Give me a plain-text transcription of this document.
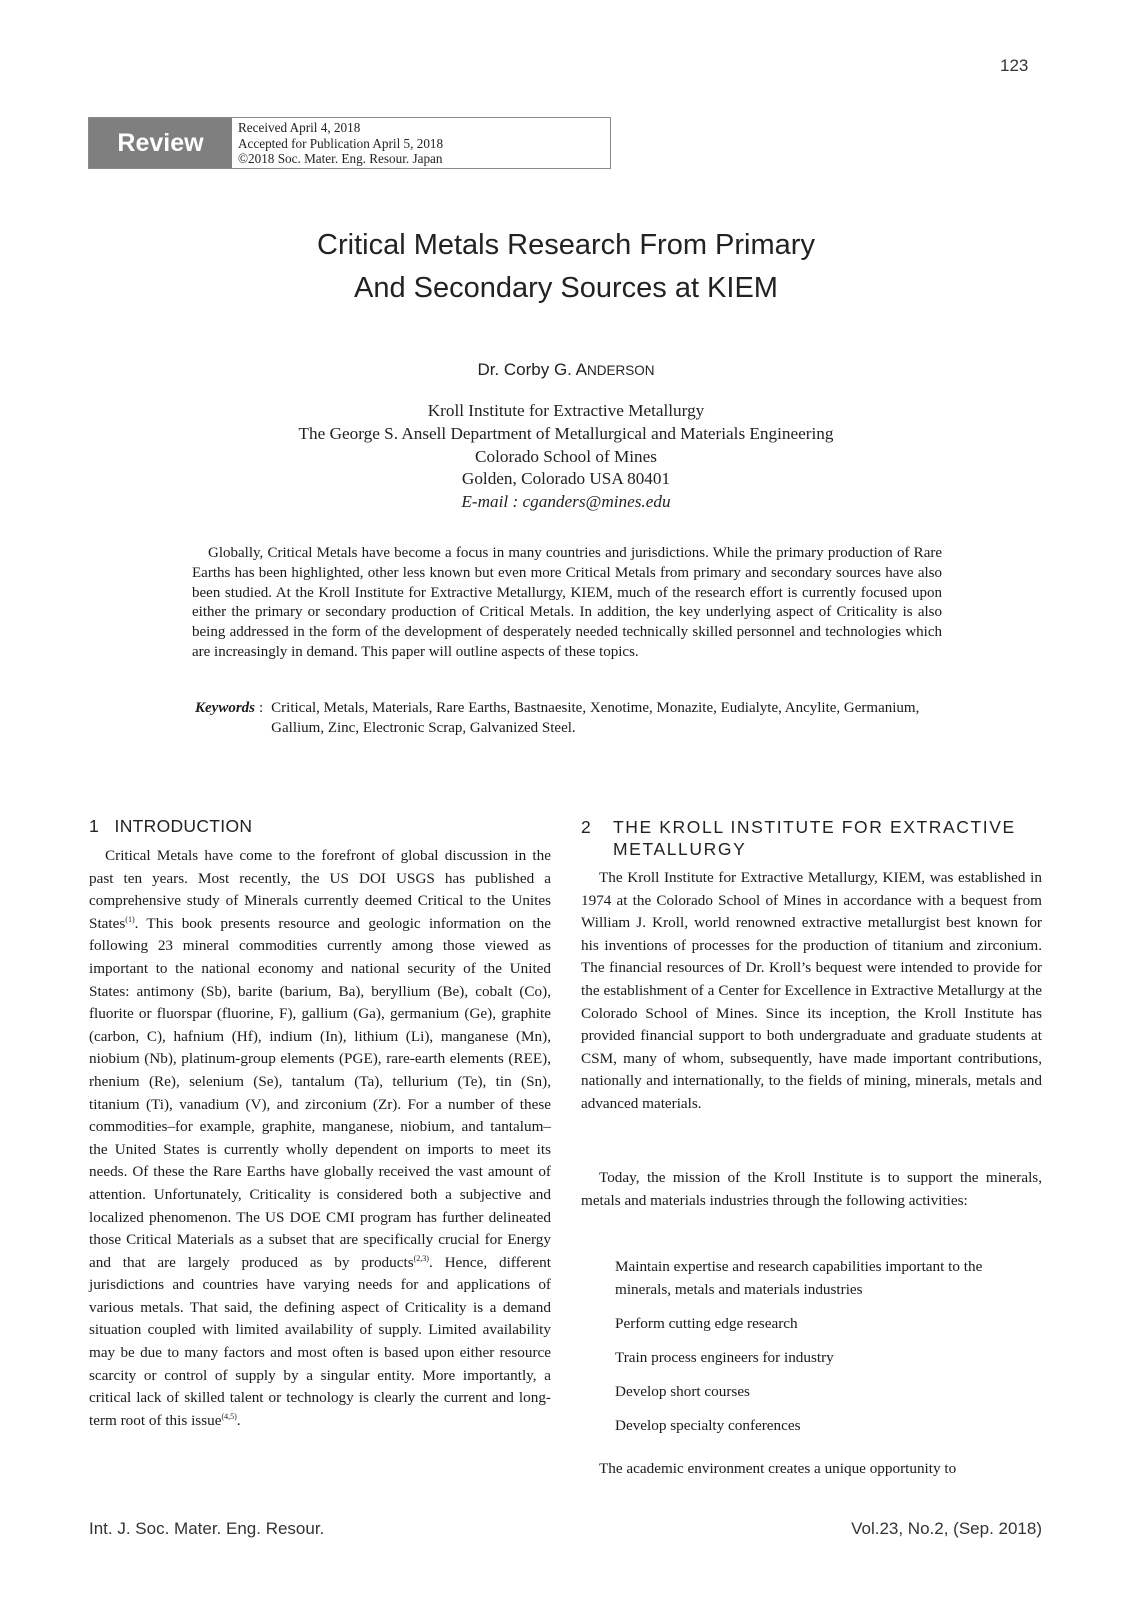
123
Review
Received April 4, 2018
Accepted for Publication April 5, 2018
©2018 Soc. Mater. Eng. Resour. Japan
Critical Metals Research From Primary
And Secondary Sources at KIEM
Dr. Corby G. ANDERSON
Kroll Institute for Extractive Metallurgy
The George S. Ansell Department of Metallurgical and Materials Engineering
Colorado School of Mines
Golden, Colorado USA 80401
E-mail : cganders@mines.edu

Globally, Critical Metals have become a focus in many countries and jurisdictions. While the primary production of Rare Earths has been highlighted, other less known but even more Critical Metals from primary and secondary sources have also been studied. At the Kroll Institute for Extractive Metallurgy, KIEM, much of the research effort is currently focused upon either the primary or secondary production of Critical Metals. In addition, the key underlying aspect of Criticality is also being addressed in the form of the development of desperately needed technically skilled personnel and technologies which are increasingly in demand. This paper will outline aspects of these topics.

Keywords : Critical, Metals, Materials, Rare Earths, Bastnaesite, Xenotime, Monazite, Eudialyte, Ancylite, Germanium, Gallium, Zinc, Electronic Scrap, Galvanized Steel.
1 INTRODUCTION

Critical Metals have come to the forefront of global discussion in the past ten years. Most recently, the US DOI USGS has published a comprehensive study of Minerals currently deemed Critical to the Unites States$^{(1)}$. This book presents resource and geologic information on the following 23 mineral commodities currently among those viewed as important to the national economy and national security of the United States: antimony (Sb), barite (barium, Ba), beryllium (Be), cobalt (Co), fluorite or fluorspar (fluorine, F), gallium (Ga), germanium (Ge), graphite (carbon, C), hafnium (Hf), indium (In), lithium (Li), manganese (Mn), niobium (Nb), platinum-group elements (PGE), rare-earth elements (REE), rhenium (Re), selenium (Se), tantalum (Ta), tellurium (Te), tin (Sn), titanium (Ti), vanadium (V), and zirconium (Zr). For a number of these commodities–for example, graphite, manganese, niobium, and tantalum–the United States is currently wholly dependent on imports to meet its needs. Of these the Rare Earths have globally received the vast amount of attention. Unfortunately, Criticality is considered both a subjective and localized phenomenon. The US DOE CMI program has further delineated those Critical Materials as a subset that are specifically crucial for Energy and that are largely produced as by products$^{(2,3)}$. Hence, different jurisdictions and countries have varying needs for and applications of various metals. That said, the defining aspect of Criticality is a demand situation coupled with limited availability of supply. Limited availability may be due to many factors and most often is based upon either resource scarcity or control of supply by a singular entity. More importantly, a critical lack of skilled talent or technology is clearly the current and long-term root of this issue$^{(4,5)}$.

2	THE KROLL INSTITUTE FOR EXTRACTIVE METALLURGY

The Kroll Institute for Extractive Metallurgy, KIEM, was established in 1974 at the Colorado School of Mines in accordance with a bequest from William J. Kroll, world renowned extractive metallurgist best known for his inventions of processes for the production of titanium and zirconium. The financial resources of Dr. Kroll’s bequest were intended to provide for the establishment of a Center for Excellence in Extractive Metallurgy at the Colorado School of Mines. Since its inception, the Kroll Institute has provided financial support to both undergraduate and graduate students at CSM, many of whom, subsequently, have made important contributions, nationally and internationally, to the fields of mining, minerals, metals and advanced materials.

Today, the mission of the Kroll Institute is to support the minerals, metals and materials industries through the following activities:

Maintain expertise and research capabilities important to the minerals, metals and materials industries
Perform cutting edge research
Train process engineers for industry
Develop short courses
Develop specialty conferences

The academic environment creates a unique opportunity to

Int. J. Soc. Mater. Eng. Resour.	Vol.23, No.2, (Sep. 2018)
